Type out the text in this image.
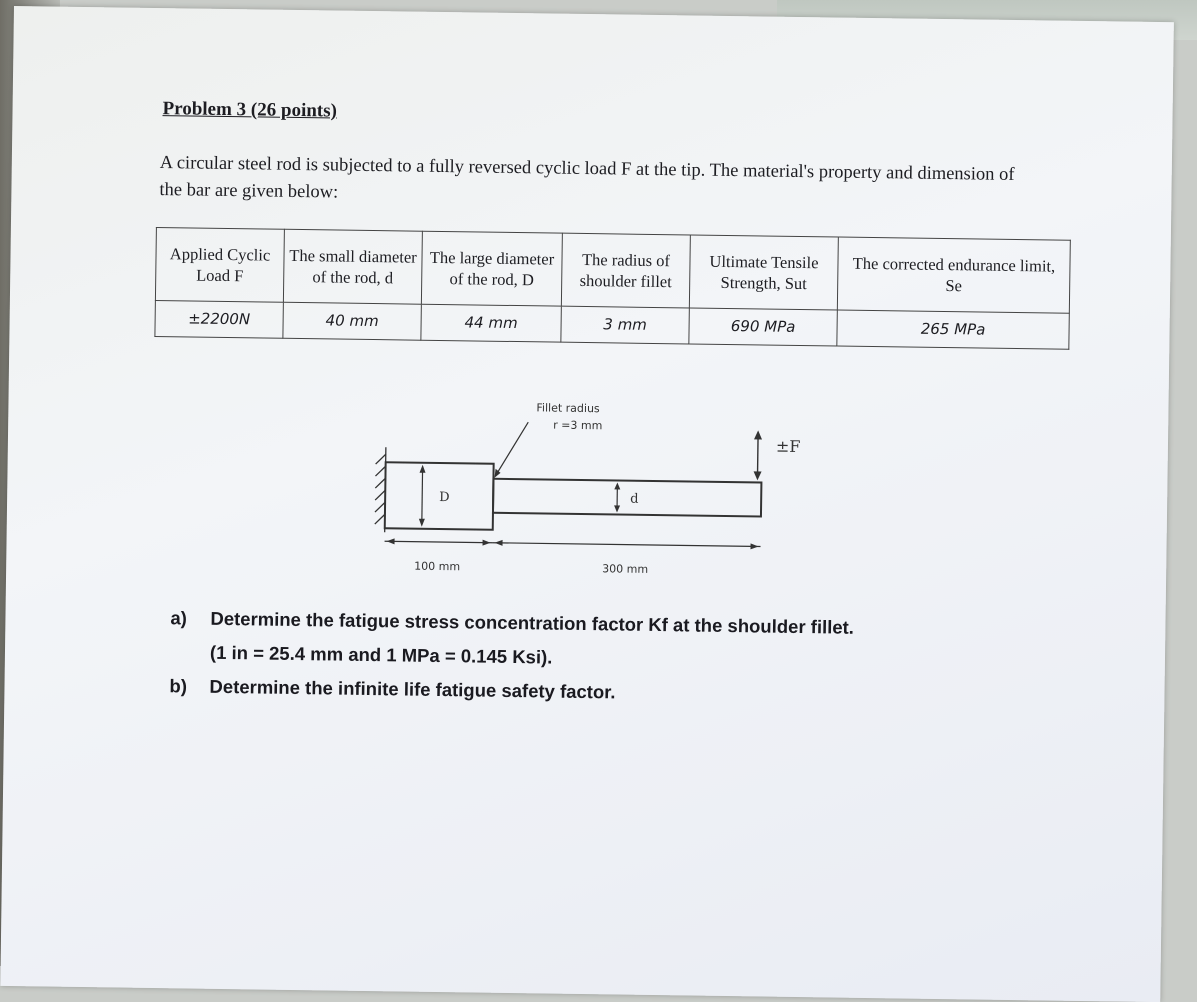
Problem 3 (26 points)

A circular steel rod is subjected to a fully reversed cyclic load F at the tip. The material's property and dimension of the bar are given below:

Applied Cyclic Load F	The small diameter of the rod, d	The large diameter of the rod, D	The radius of shoulder fillet	Ultimate Tensile Strength, Sut	The corrected endurance limit, Se
±2200N	40 mm	44 mm	3 mm	690 MPa	265 MPa
D	d
Fillet radius
r =3 mm
±F
100 mm	300 mm
a)	Determine the fatigue stress concentration factor Kf at the shoulder fillet.
(1 in = 25.4 mm and 1 MPa = 0.145 Ksi).
b)	Determine the infinite life fatigue safety factor.
